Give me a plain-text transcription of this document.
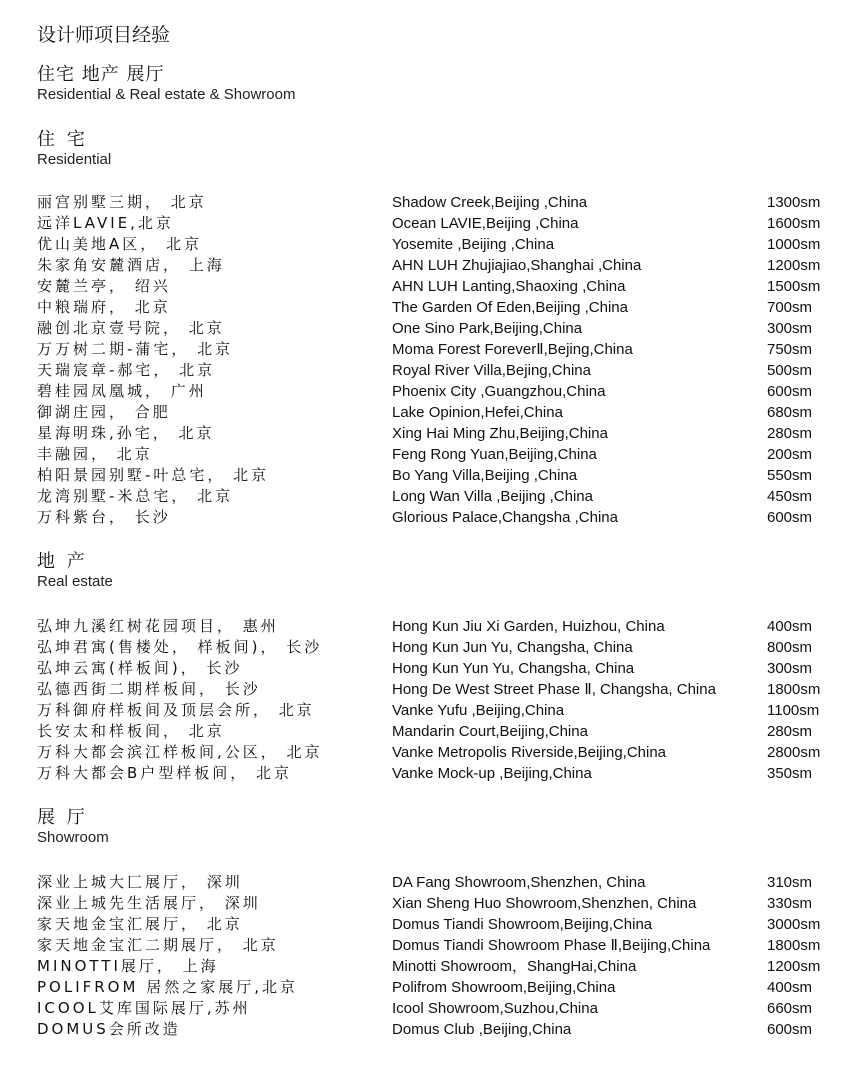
设计师项目经验
住宅 地产 展厅
Residential & Real estate & Showroom
住 宅
Residential
丽宫别墅三期， 北京	Shadow Creek,Beijing ,China	1300sm
远洋LAVIE,北京	Ocean LAVIE,Beijing ,China	1600sm
优山美地A区， 北京	Yosemite ,Beijing ,China	1000sm
朱家角安麓酒店， 上海	AHN LUH Zhujiajiao,Shanghai ,China	1200sm
安麓兰亭， 绍兴	AHN LUH Lanting,Shaoxing ,China	1500sm
中粮瑞府， 北京	The Garden Of Eden,Beijing ,China	700sm
融创北京壹号院， 北京	One Sino Park,Beijing,China	300sm
万万树二期-蒲宅， 北京	Moma Forest ForeverⅡ,Bejing,China	750sm
天瑞宸章-郝宅， 北京	Royal River Villa,Bejing,China	500sm
碧桂园凤凰城， 广州	Phoenix City ,Guangzhou,China	600sm
御湖庄园， 合肥	Lake Opinion,Hefei,China	680sm
星海明珠,孙宅， 北京	Xing Hai Ming Zhu,Beijing,China	280sm
丰融园， 北京	Feng Rong Yuan,Beijing,China	200sm
柏阳景园别墅-叶总宅， 北京	Bo Yang Villa,Beijing ,China	550sm
龙湾别墅-米总宅， 北京	Long Wan Villa ,Beijing ,China	450sm
万科紫台， 长沙	Glorious Palace,Changsha ,China	600sm
地 产
Real estate
弘坤九溪红树花园项目， 惠州	Hong Kun Jiu Xi Garden, Huizhou, China	400sm
弘坤君寓(售楼处， 样板间)， 长沙	Hong Kun Jun Yu, Changsha, China	800sm
弘坤云寓(样板间)， 长沙	Hong Kun Yun Yu, Changsha, China	300sm
弘德西街二期样板间， 长沙	Hong De West Street Phase Ⅱ, Changsha, China	1800sm
万科御府样板间及顶层会所， 北京	Vanke Yufu ,Beijing,China	1100sm
长安太和样板间， 北京	Mandarin Court,Beijing,China	280sm
万科大都会滨江样板间,公区， 北京	Vanke Metropolis Riverside,Beijing,China	2800sm
万科大都会B户型样板间， 北京	Vanke Mock-up ,Beijing,China	350sm
展 厅
Showroom
深业上城大匚展厅， 深圳	DA Fang Showroom,Shenzhen, China	310sm
深业上城先生活展厅， 深圳	Xian Sheng Huo Showroom,Shenzhen, China	330sm
家天地金宝汇展厅， 北京	Domus Tiandi Showroom,Beijing,China	3000sm
家天地金宝汇二期展厅， 北京	Domus Tiandi Showroom Phase Ⅱ,Beijing,China	1800sm
MINOTTI展厅， 上海	Minotti Showroom，ShangHai,China	1200sm
POLIFROM 居然之家展厅,北京	Polifrom Showroom,Beijing,China	400sm
ICOOL艾库国际展厅,苏州	Icool Showroom,Suzhou,China	660sm
DOMUS会所改造	Domus Club ,Beijing,China	600sm
